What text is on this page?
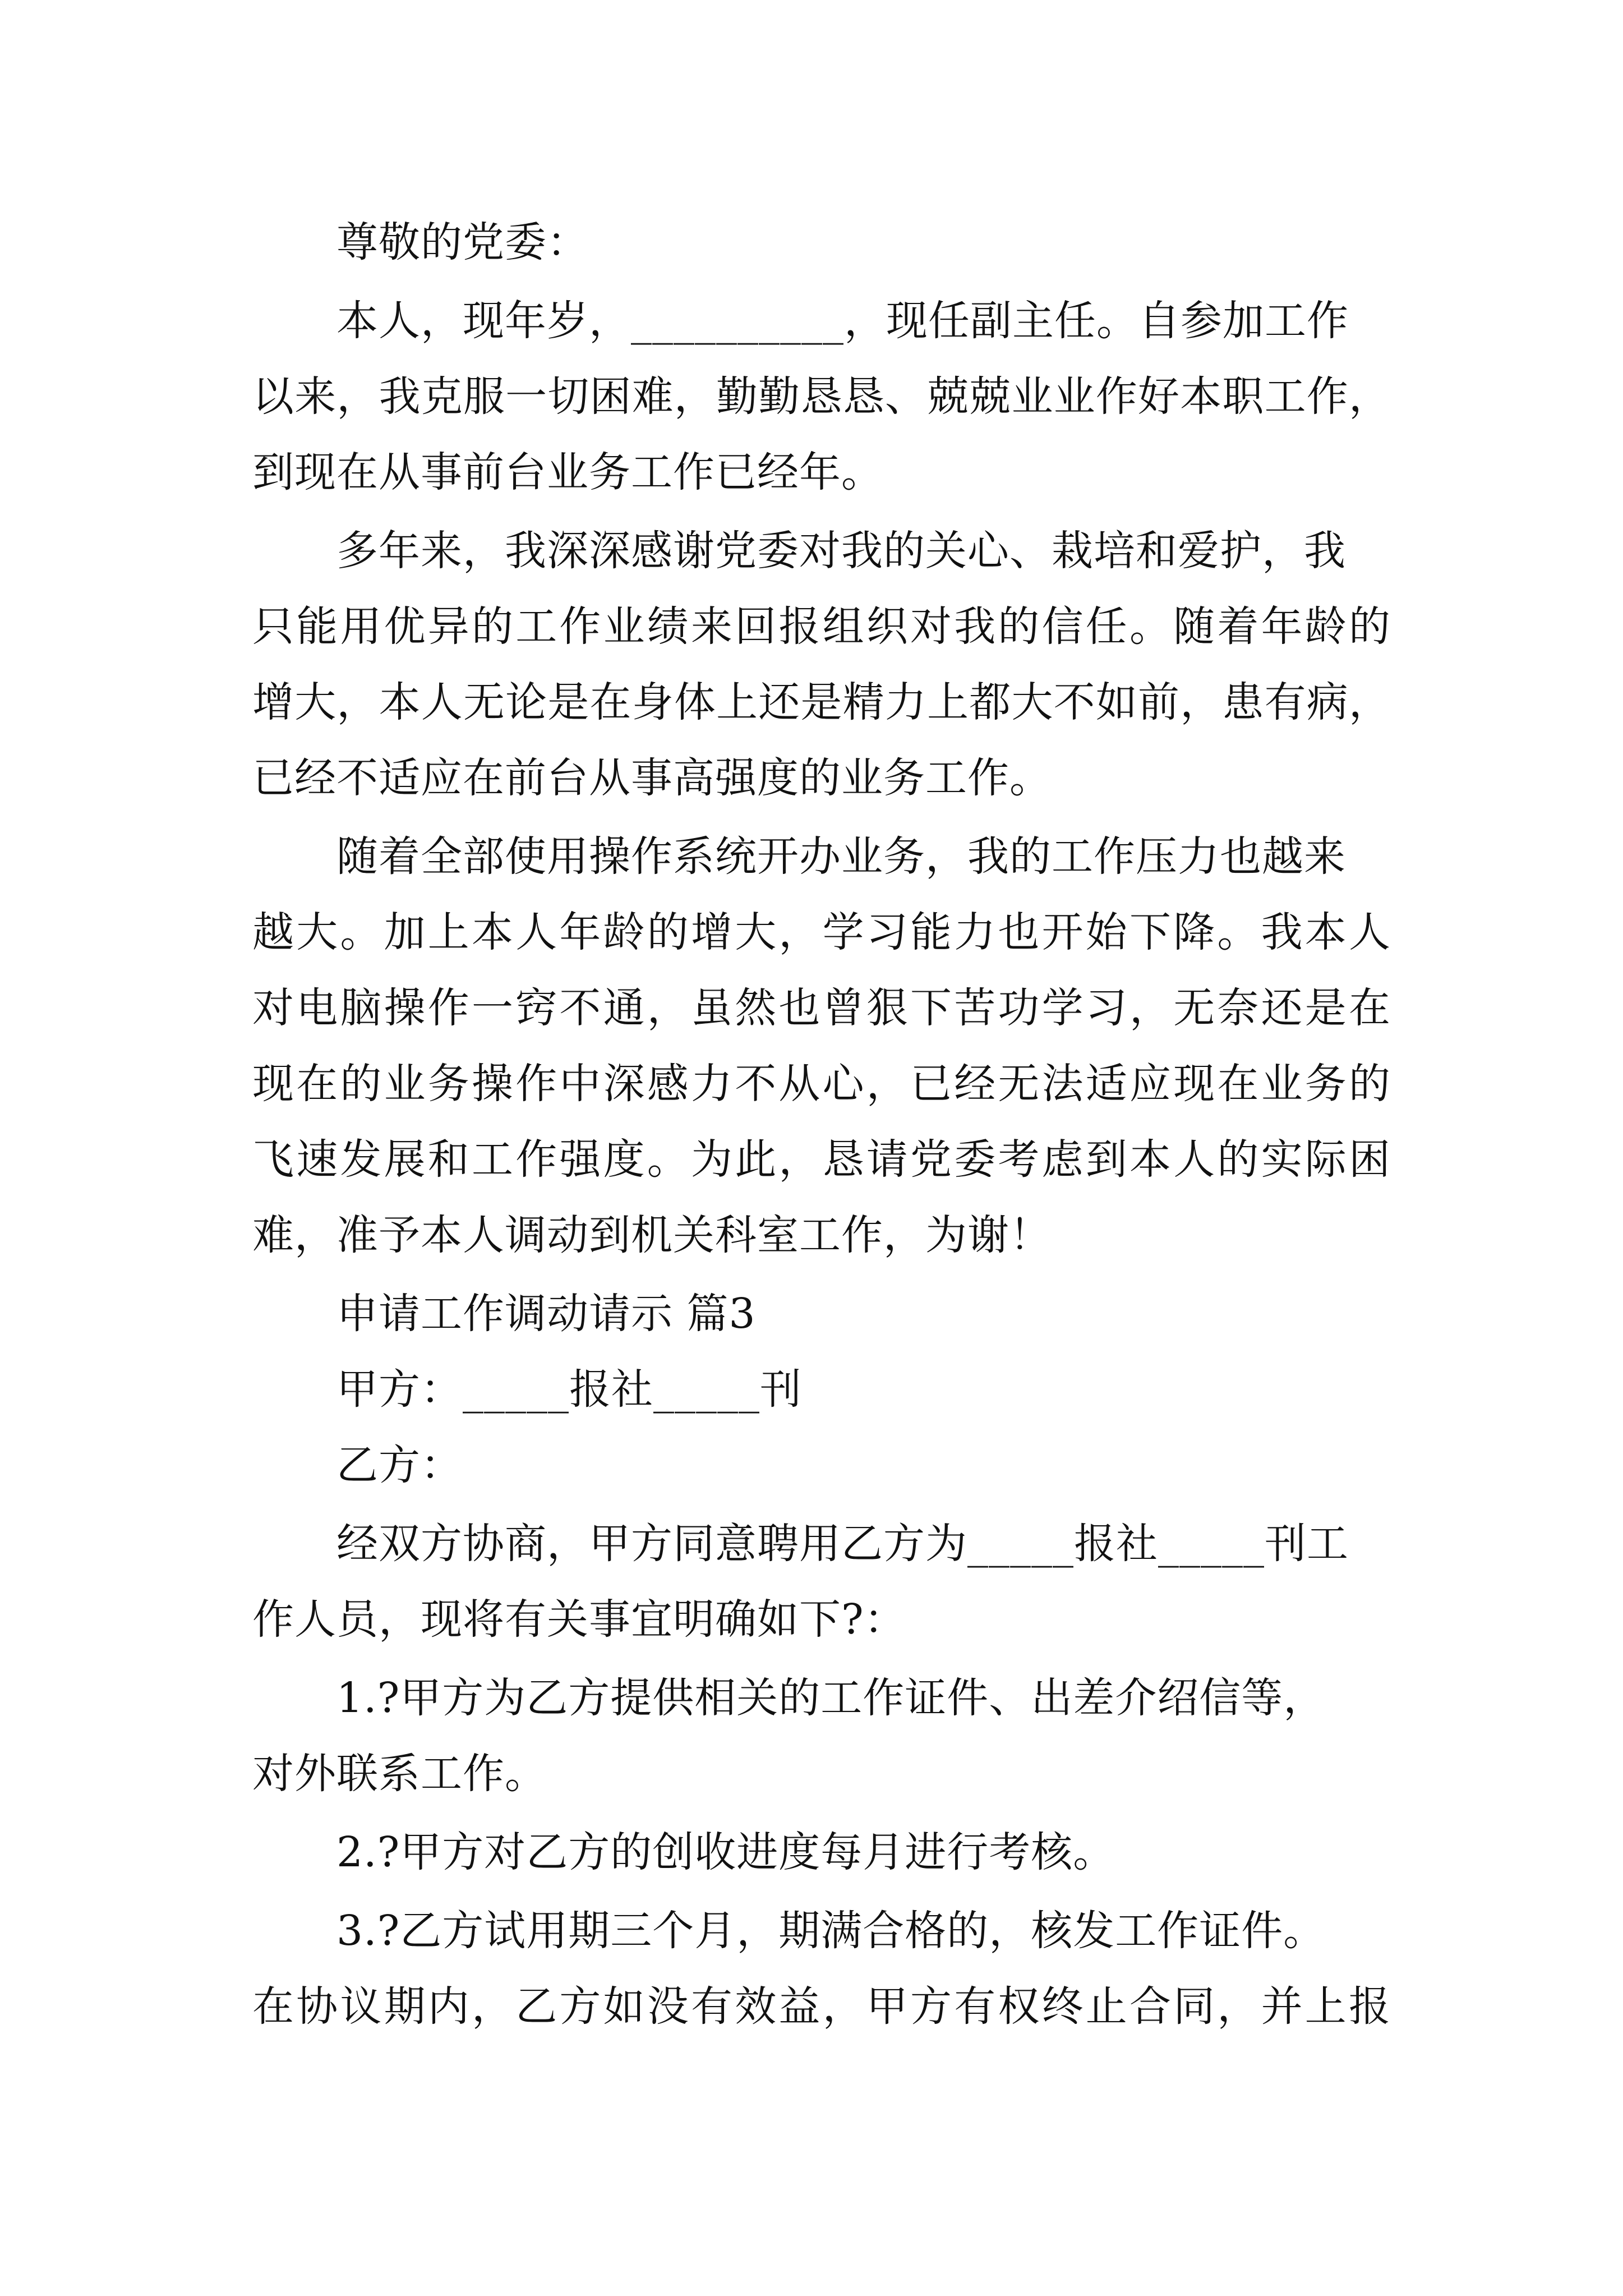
尊敬的党委：
本人，现年岁，__________，现任副主任。自参加工作
以来，我克服一切困难，勤勤恳恳、兢兢业业作好本职工作，
到现在从事前台业务工作已经年。
多年来，我深深感谢党委对我的关心、栽培和爱护，我
只能用优异的工作业绩来回报组织对我的信任。随着年龄的
增大，本人无论是在身体上还是精力上都大不如前，患有病，
已经不适应在前台从事高强度的业务工作。
随着全部使用操作系统开办业务，我的工作压力也越来
越大。加上本人年龄的增大，学习能力也开始下降。我本人
对电脑操作一窍不通，虽然也曾狠下苦功学习，无奈还是在
现在的业务操作中深感力不从心，已经无法适应现在业务的
飞速发展和工作强度。为此，恳请党委考虑到本人的实际困
难，准予本人调动到机关科室工作，为谢！
申请工作调动请示 篇3
甲方：_____报社_____刊
乙方：
经双方协商，甲方同意聘用乙方为_____报社_____刊工
作人员，现将有关事宜明确如下?：
1.?甲方为乙方提供相关的工作证件、出差介绍信等，
对外联系工作。
2.?甲方对乙方的创收进度每月进行考核。
3.?乙方试用期三个月，期满合格的，核发工作证件。
在协议期内，乙方如没有效益，甲方有权终止合同，并上报
